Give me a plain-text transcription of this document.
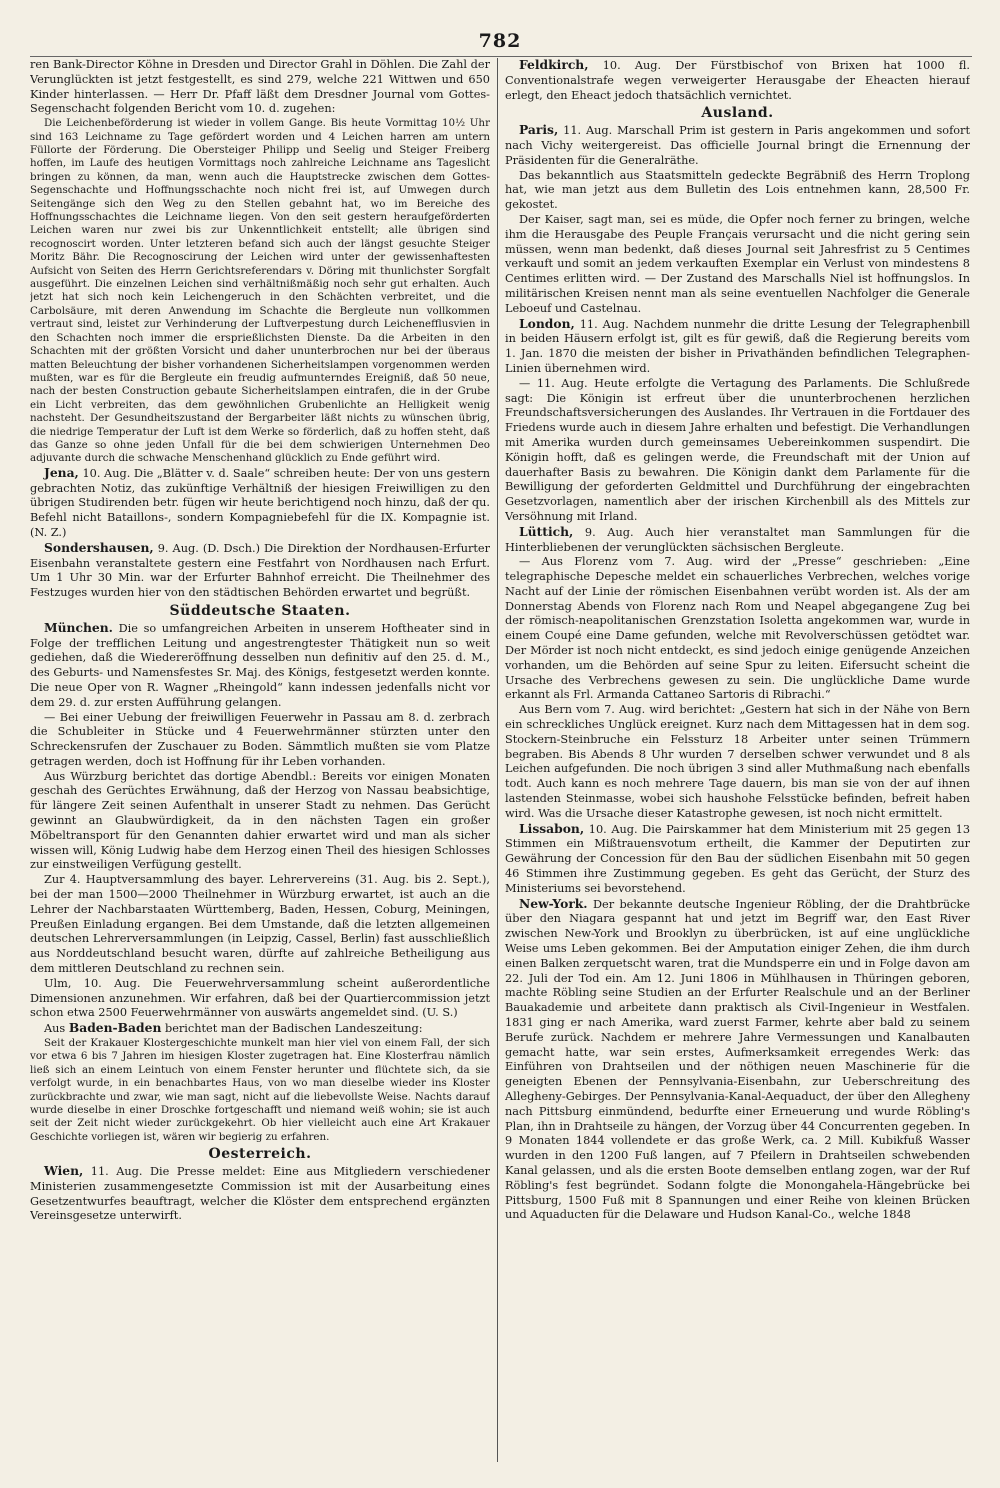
782

ren Bank-Director Köhne in Dresden und Director Grahl in Döhlen. Die Zahl der Verunglückten ist jetzt festgestellt, es sind 279, welche 221 Wittwen und 650 Kinder hinterlassen. — Herr Dr. Pfaff läßt dem Dresdner Journal vom Gottes-Segenschacht folgenden Bericht vom 10. d. zugehen:

Die Leichenbeförderung ist wieder in vollem Gange. Bis heute Vormittag 10½ Uhr sind 163 Leichname zu Tage gefördert worden und 4 Leichen harren am untern Füllorte der Förderung. Die Obersteiger Philipp und Seelig und Steiger Freiberg hoffen, im Laufe des heutigen Vormittags noch zahlreiche Leichname ans Tageslicht bringen zu können, da man, wenn auch die Hauptstrecke zwischen dem Gottes-Segenschachte und Hoffnungsschachte noch nicht frei ist, auf Umwegen durch Seitengänge sich den Weg zu den Stellen gebahnt hat, wo im Bereiche des Hoffnungsschachtes die Leichname liegen. Von den seit gestern heraufgeförderten Leichen waren nur zwei bis zur Unkenntlichkeit entstellt; alle übrigen sind recognoscirt worden. Unter letzteren befand sich auch der längst gesuchte Steiger Moritz Bähr. Die Recognoscirung der Leichen wird unter der gewissenhaftesten Aufsicht von Seiten des Herrn Gerichtsreferendars v. Döring mit thunlichster Sorgfalt ausgeführt. Die einzelnen Leichen sind verhältnißmäßig noch sehr gut erhalten. Auch jetzt hat sich noch kein Leichengeruch in den Schächten verbreitet, und die Carbolsäure, mit deren Anwendung im Schachte die Bergleute nun vollkommen vertraut sind, leistet zur Verhinderung der Luftverpestung durch Leichenefflusvien in den Schachten noch immer die ersprießlichsten Dienste. Da die Arbeiten in den Schachten mit der größten Vorsicht und daher ununterbrochen nur bei der überaus matten Beleuchtung der bisher vorhandenen Sicherheitslampen vorgenommen werden mußten, war es für die Bergleute ein freudig aufmunterndes Ereigniß, daß 50 neue, nach der besten Construction gebaute Sicherheitslampen eintrafen, die in der Grube ein Licht verbreiten, das dem gewöhnlichen Grubenlichte an Helligkeit wenig nachsteht. Der Gesundheitszustand der Bergarbeiter läßt nichts zu wünschen übrig, die niedrige Temperatur der Luft ist dem Werke so förderlich, daß zu hoffen steht, daß das Ganze so ohne jeden Unfall für die bei dem schwierigen Unternehmen Deo adjuvante durch die schwache Menschenhand glücklich zu Ende geführt wird.

Jena, 10. Aug. Die „Blätter v. d. Saale“ schreiben heute: Der von uns gestern gebrachten Notiz, das zukünftige Verhältniß der hiesigen Freiwilligen zu den übrigen Studirenden betr. fügen wir heute berichtigend noch hinzu, daß der qu. Befehl nicht Bataillons-, sondern Kompagniebefehl für die IX. Kompagnie ist. (N. Z.)

Sondershausen, 9. Aug. (D. Dsch.) Die Direktion der Nordhausen-Erfurter Eisenbahn veranstaltete gestern eine Festfahrt von Nordhausen nach Erfurt. Um 1 Uhr 30 Min. war der Erfurter Bahnhof erreicht. Die Theilnehmer des Festzuges wurden hier von den städtischen Behörden erwartet und begrüßt.

Süddeutsche Staaten.

München. Die so umfangreichen Arbeiten in unserem Hoftheater sind in Folge der trefflichen Leitung und angestrengtester Thätigkeit nun so weit gediehen, daß die Wiedereröffnung desselben nun definitiv auf den 25. d. M., des Geburts- und Namensfestes Sr. Maj. des Königs, festgesetzt werden konnte. Die neue Oper von R. Wagner „Rheingold“ kann indessen jedenfalls nicht vor dem 29. d. zur ersten Aufführung gelangen.

— Bei einer Uebung der freiwilligen Feuerwehr in Passau am 8. d. zerbrach die Schubleiter in Stücke und 4 Feuerwehrmänner stürzten unter den Schreckensrufen der Zuschauer zu Boden. Sämmtlich mußten sie vom Platze getragen werden, doch ist Hoffnung für ihr Leben vorhanden.

Aus Würzburg berichtet das dortige Abendbl.: Bereits vor einigen Monaten geschah des Gerüchtes Erwähnung, daß der Herzog von Nassau beabsichtige, für längere Zeit seinen Aufenthalt in unserer Stadt zu nehmen. Das Gerücht gewinnt an Glaubwürdigkeit, da in den nächsten Tagen ein großer Möbeltransport für den Genannten dahier erwartet wird und man als sicher wissen will, König Ludwig habe dem Herzog einen Theil des hiesigen Schlosses zur einstweiligen Verfügung gestellt.

Zur 4. Hauptversammlung des bayer. Lehrervereins (31. Aug. bis 2. Sept.), bei der man 1500—2000 Theilnehmer in Würzburg erwartet, ist auch an die Lehrer der Nachbarstaaten Württemberg, Baden, Hessen, Coburg, Meiningen, Preußen Einladung ergangen. Bei dem Umstande, daß die letzten allgemeinen deutschen Lehrerversammlungen (in Leipzig, Cassel, Berlin) fast ausschließlich aus Norddeutschland besucht waren, dürfte auf zahlreiche Betheiligung aus dem mittleren Deutschland zu rechnen sein.

Ulm, 10. Aug. Die Feuerwehrversammlung scheint außerordentliche Dimensionen anzunehmen. Wir erfahren, daß bei der Quartiercommission jetzt schon etwa 2500 Feuerwehrmänner von auswärts angemeldet sind. (U. S.)

Aus Baden-Baden berichtet man der Badischen Landeszeitung:

Seit der Krakauer Klostergeschichte munkelt man hier viel von einem Fall, der sich vor etwa 6 bis 7 Jahren im hiesigen Kloster zugetragen hat. Eine Klosterfrau nämlich ließ sich an einem Leintuch von einem Fenster herunter und flüchtete sich, da sie verfolgt wurde, in ein benachbartes Haus, von wo man dieselbe wieder ins Kloster zurückbrachte und zwar, wie man sagt, nicht auf die liebevollste Weise. Nachts darauf wurde dieselbe in einer Droschke fortgeschafft und niemand weiß wohin; sie ist auch seit der Zeit nicht wieder zurückgekehrt. Ob hier vielleicht auch eine Art Krakauer Geschichte vorliegen ist, wären wir begierig zu erfahren.

Oesterreich.

Wien, 11. Aug. Die Presse meldet: Eine aus Mitgliedern verschiedener Ministerien zusammengesetzte Commission ist mit der Ausarbeitung eines Gesetzentwurfes beauftragt, welcher die Klöster dem entsprechend ergänzten Vereinsgesetze unterwirft.

Feldkirch, 10. Aug. Der Fürstbischof von Brixen hat 1000 fl. Conventionalstrafe wegen verweigerter Herausgabe der Eheacten hierauf erlegt, den Eheact jedoch thatsächlich vernichtet.

Ausland.

Paris, 11. Aug. Marschall Prim ist gestern in Paris angekommen und sofort nach Vichy weitergereist. Das officielle Journal bringt die Ernennung der Präsidenten für die Generalräthe.

Das bekanntlich aus Staatsmitteln gedeckte Begräbniß des Herrn Troplong hat, wie man jetzt aus dem Bulletin des Lois entnehmen kann, 28,500 Fr. gekostet.

Der Kaiser, sagt man, sei es müde, die Opfer noch ferner zu bringen, welche ihm die Herausgabe des Peuple Français verursacht und die nicht gering sein müssen, wenn man bedenkt, daß dieses Journal seit Jahresfrist zu 5 Centimes verkauft und somit an jedem verkauften Exemplar ein Verlust von mindestens 8 Centimes erlitten wird. — Der Zustand des Marschalls Niel ist hoffnungslos. In militärischen Kreisen nennt man als seine eventuellen Nachfolger die Generale Leboeuf und Castelnau.

London, 11. Aug. Nachdem nunmehr die dritte Lesung der Telegraphenbill in beiden Häusern erfolgt ist, gilt es für gewiß, daß die Regierung bereits vom 1. Jan. 1870 die meisten der bisher in Privathänden befindlichen Telegraphen-Linien übernehmen wird.

— 11. Aug. Heute erfolgte die Vertagung des Parlaments. Die Schlußrede sagt: Die Königin ist erfreut über die ununterbrochenen herzlichen Freundschaftsversicherungen des Auslandes. Ihr Vertrauen in die Fortdauer des Friedens wurde auch in diesem Jahre erhalten und befestigt. Die Verhandlungen mit Amerika wurden durch gemeinsames Uebereinkommen suspendirt. Die Königin hofft, daß es gelingen werde, die Freundschaft mit der Union auf dauerhafter Basis zu bewahren. Die Königin dankt dem Parlamente für die Bewilligung der geforderten Geldmittel und Durchführung der eingebrachten Gesetzvorlagen, namentlich aber der irischen Kirchenbill als des Mittels zur Versöhnung mit Irland.

Lüttich, 9. Aug. Auch hier veranstaltet man Sammlungen für die Hinterbliebenen der verunglückten sächsischen Bergleute.

— Aus Florenz vom 7. Aug. wird der „Presse“ geschrieben: „Eine telegraphische Depesche meldet ein schauerliches Verbrechen, welches vorige Nacht auf der Linie der römischen Eisenbahnen verübt worden ist. Als der am Donnerstag Abends von Florenz nach Rom und Neapel abgegangene Zug bei der römisch-neapolitanischen Grenzstation Isoletta angekommen war, wurde in einem Coupé eine Dame gefunden, welche mit Revolverschüssen getödtet war. Der Mörder ist noch nicht entdeckt, es sind jedoch einige genügende Anzeichen vorhanden, um die Behörden auf seine Spur zu leiten. Eifersucht scheint die Ursache des Verbrechens gewesen zu sein. Die unglückliche Dame wurde erkannt als Frl. Armanda Cattaneo Sartoris di Ribrachi.“

Aus Bern vom 7. Aug. wird berichtet: „Gestern hat sich in der Nähe von Bern ein schreckliches Unglück ereignet. Kurz nach dem Mittagessen hat in dem sog. Stockern-Steinbruche ein Felssturz 18 Arbeiter unter seinen Trümmern begraben. Bis Abends 8 Uhr wurden 7 derselben schwer verwundet und 8 als Leichen aufgefunden. Die noch übrigen 3 sind aller Muthmaßung nach ebenfalls todt. Auch kann es noch mehrere Tage dauern, bis man sie von der auf ihnen lastenden Steinmasse, wobei sich haushohe Felsstücke befinden, befreit haben wird. Was die Ursache dieser Katastrophe gewesen, ist noch nicht ermittelt.

Lissabon, 10. Aug. Die Pairskammer hat dem Ministerium mit 25 gegen 13 Stimmen ein Mißtrauensvotum ertheilt, die Kammer der Deputirten zur Gewährung der Concession für den Bau der südlichen Eisenbahn mit 50 gegen 46 Stimmen ihre Zustimmung gegeben. Es geht das Gerücht, der Sturz des Ministeriums sei bevorstehend.

New-York. Der bekannte deutsche Ingenieur Röbling, der die Drahtbrücke über den Niagara gespannt hat und jetzt im Begriff war, den East River zwischen New-York und Brooklyn zu überbrücken, ist auf eine unglückliche Weise ums Leben gekommen. Bei der Amputation einiger Zehen, die ihm durch einen Balken zerquetscht waren, trat die Mundsperre ein und in Folge davon am 22. Juli der Tod ein. Am 12. Juni 1806 in Mühlhausen in Thüringen geboren, machte Röbling seine Studien an der Erfurter Realschule und an der Berliner Bauakademie und arbeitete dann praktisch als Civil-Ingenieur in Westfalen. 1831 ging er nach Amerika, ward zuerst Farmer, kehrte aber bald zu seinem Berufe zurück. Nachdem er mehrere Jahre Vermessungen und Kanalbauten gemacht hatte, war sein erstes, Aufmerksamkeit erregendes Werk: das Einführen von Drahtseilen und der nöthigen neuen Maschinerie für die geneigten Ebenen der Pennsylvania-Eisenbahn, zur Ueberschreitung des Allegheny-Gebirges. Der Pennsylvania-Kanal-Aequaduct, der über den Allegheny nach Pittsburg einmündend, bedurfte einer Erneuerung und wurde Röbling's Plan, ihn in Drahtseile zu hängen, der Vorzug über 44 Concurrenten gegeben. In 9 Monaten 1844 vollendete er das große Werk, ca. 2 Mill. Kubikfuß Wasser wurden in den 1200 Fuß langen, auf 7 Pfeilern in Drahtseilen schwebenden Kanal gelassen, und als die ersten Boote demselben entlang zogen, war der Ruf Röbling's fest begründet. Sodann folgte die Monongahela-Hängebrücke bei Pittsburg, 1500 Fuß mit 8 Spannungen und einer Reihe von kleinen Brücken und Aquaducten für die Delaware und Hudson Kanal-Co., welche 1848
